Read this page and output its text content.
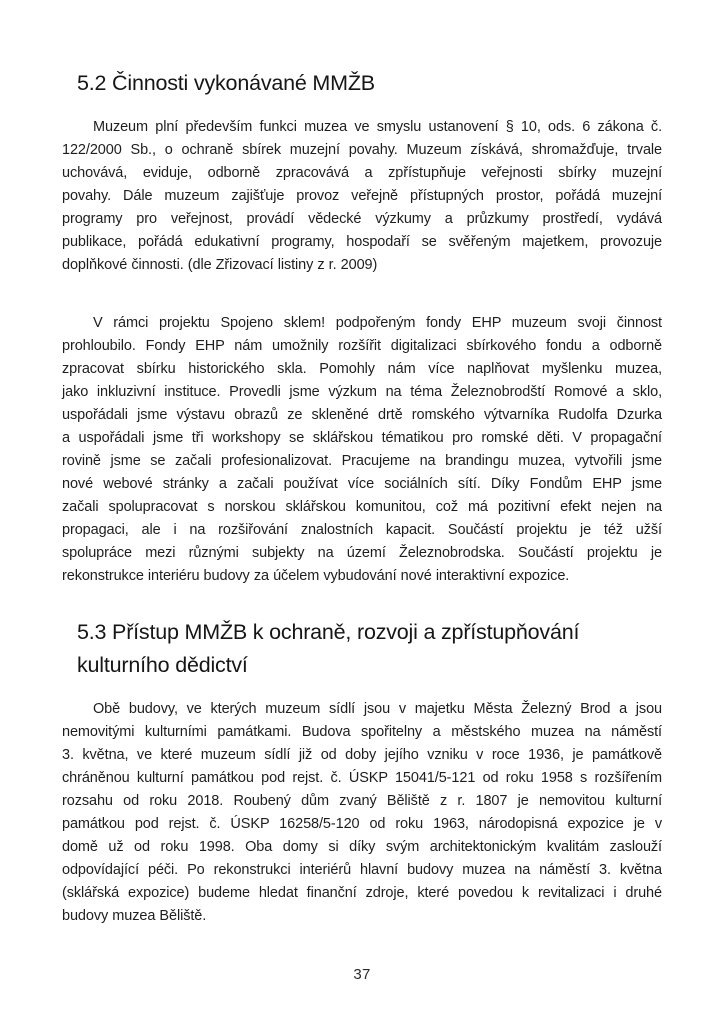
5.2 Činnosti vykonávané MMŽB
Muzeum plní především funkci muzea ve smyslu ustanovení § 10, ods. 6 zákona č.
122/2000 Sb., o ochraně sbírek muzejní povahy. Muzeum získává, shromažďuje, trvale
uchovává, eviduje, odborně zpracovává a zpřístupňuje veřejnosti sbírky muzejní
povahy. Dále muzeum zajišťuje provoz veřejně přístupných prostor, pořádá muzejní
programy pro veřejnost, provádí vědecké výzkumy a průzkumy prostředí, vydává
publikace, pořádá edukativní programy, hospodaří se svěřeným majetkem, provozuje
doplňkové činnosti. (dle Zřizovací listiny z r. 2009)
V rámci projektu Spojeno sklem! podpořeným fondy EHP muzeum svoji činnost
prohloubilo. Fondy EHP nám umožnily rozšířit digitalizaci sbírkového fondu a odborně
zpracovat sbírku historického skla. Pomohly nám více naplňovat myšlenku muzea,
jako inkluzivní instituce. Provedli jsme výzkum na téma Železnobrodští Romové a sklo,
uspořádali jsme výstavu obrazů ze skleněné drtě romského výtvarníka Rudolfa Dzurka
a uspořádali jsme tři workshopy se sklářskou tématikou pro romské děti. V propagační
rovině jsme se začali profesionalizovat. Pracujeme na brandingu muzea, vytvořili jsme
nové webové stránky a začali používat více sociálních sítí. Díky Fondům EHP jsme
začali spolupracovat s norskou sklářskou komunitou, což má pozitivní efekt nejen na
propagaci, ale i na rozšiřování znalostních kapacit. Součástí projektu je též užší
spolupráce mezi různými subjekty na území Železnobrodska. Součástí projektu je
rekonstrukce interiéru budovy za účelem vybudování nové interaktivní expozice.
5.3 Přístup MMŽB k ochraně, rozvoji a zpřístupňování
kulturního dědictví
Obě budovy, ve kterých muzeum sídlí jsou v majetku Města Železný Brod a jsou
nemovitými kulturními památkami. Budova spořitelny a městského muzea na náměstí
3. května, ve které muzeum sídlí již od doby jejího vzniku v roce 1936, je památkově
chráněnou kulturní památkou pod rejst. č. ÚSKP 15041/5-121 od roku 1958 s rozšířením
rozsahu od roku 2018. Roubený dům zvaný Běliště z r. 1807 je nemovitou kulturní
památkou pod rejst. č. ÚSKP 16258/5-120 od roku 1963, národopisná expozice je v
domě už od roku 1998. Oba domy si díky svým architektonickým kvalitám zaslouží
odpovídající péči. Po rekonstrukci interiérů hlavní budovy muzea na náměstí 3. května
(sklářská expozice) budeme hledat finanční zdroje, které povedou k revitalizaci i druhé
budovy muzea Běliště.
37
